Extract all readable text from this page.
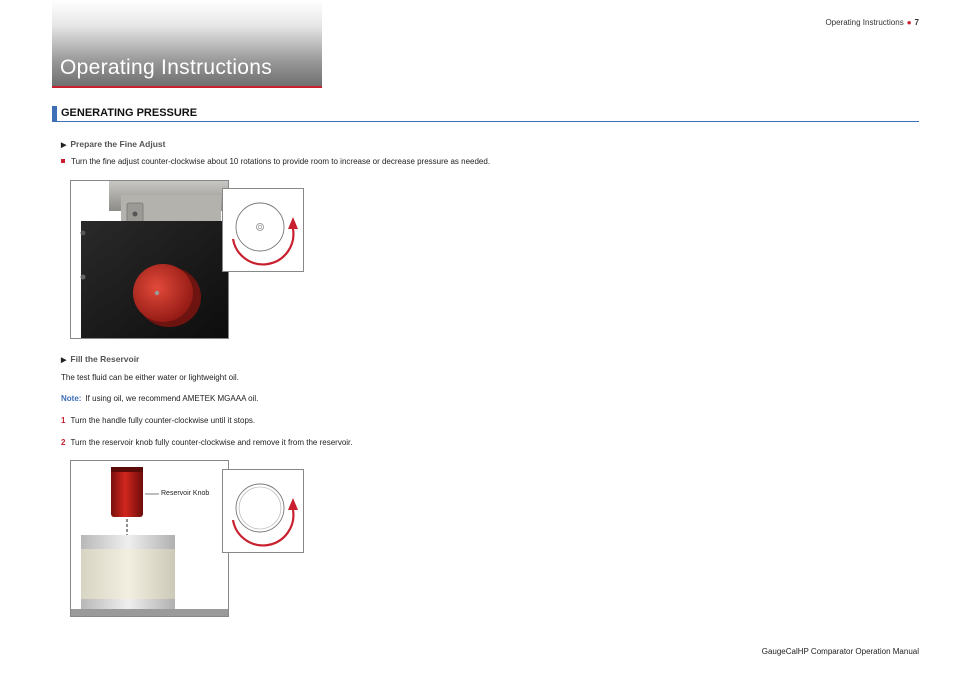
Operating Instructions
Operating Instructions ● 7
GENERATING PRESSURE
▶ Prepare the Fine Adjust
Turn the fine adjust counter-clockwise about 10 rotations to provide room to increase or decrease pressure as needed.
▶ Fill the Reservoir
The test fluid can be either water or lightweight oil.
Note: If using oil, we recommend AMETEK MGAAA oil.
1 Turn the handle fully counter-clockwise until it stops.
2 Turn the reservoir knob fully counter-clockwise and remove it from the reservoir.
Reservoir Knob
GaugeCalHP Comparator Operation Manual
